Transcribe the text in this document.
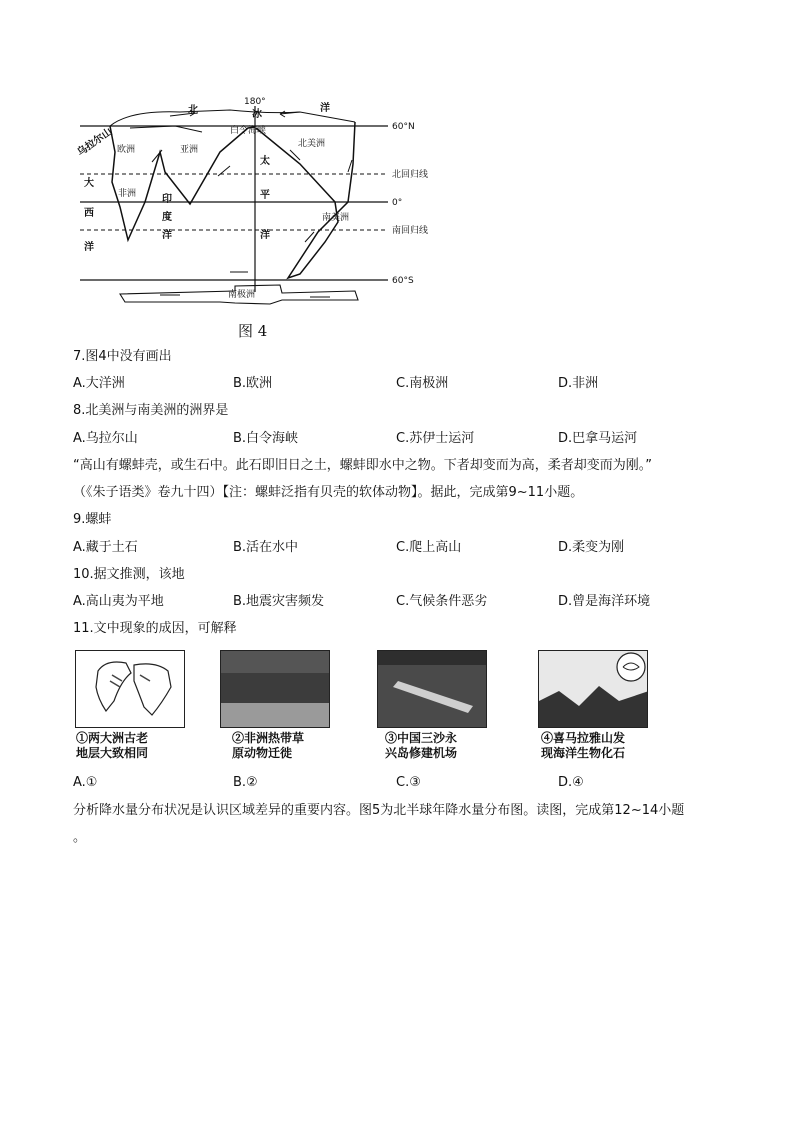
180°
60°N
北回归线
0°
南回归线
60°S
北	冰
洋
白令海峡
欧洲	亚洲
北美洲
非洲
南美洲
南极洲
印
度
洋
太
平
洋
大
西
洋
乌拉尔山
图 4
7.图4中没有画出
A.大洋洲	B.欧洲	C.南极洲	D.非洲
8.北美洲与南美洲的洲界是
A.乌拉尔山	B.白令海峡	C.苏伊士运河	D.巴拿马运河
“高山有螺蚌壳，或生石中。此石即旧日之土，螺蚌即水中之物。下者却变而为高，柔者却变而为刚。”
（《朱子语类》卷九十四）【注：螺蚌泛指有贝壳的软体动物】。据此，完成第9~11小题。
9.螺蚌
A.藏于土石	B.活在水中	C.爬上高山	D.柔变为刚
10.据文推测，该地
A.高山夷为平地	B.地震灾害频发	C.气候条件恶劣	D.曾是海洋环境
11.文中现象的成因，可解释
①两大洲古老
地层大致相同
②非洲热带草
原动物迁徙
③中国三沙永
兴岛修建机场
④喜马拉雅山发
现海洋生物化石
A.①	B.②	C.③	D.④
分析降水量分布状况是认识区域差异的重要内容。图5为北半球年降水量分布图。读图，完成第12~14小题
。
